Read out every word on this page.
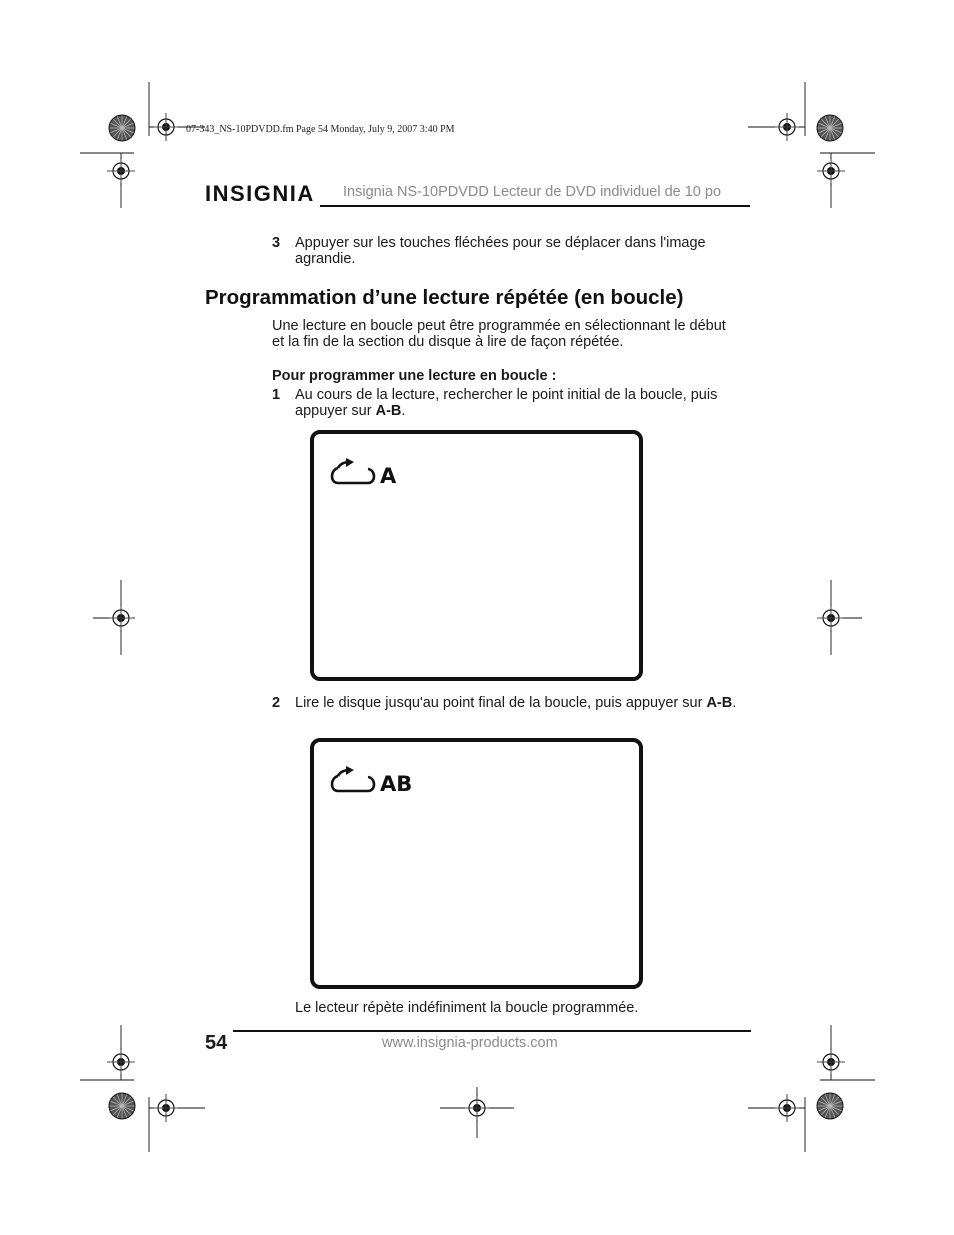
07-343_NS-10PDVDD.fm Page 54 Monday, July 9, 2007 3:40 PM
INSIGNIA Insignia NS-10PDVDD Lecteur de DVD individuel de 10 po
3 Appuyer sur les touches fléchées pour se déplacer dans l'image agrandie.
Programmation d’une lecture répétée (en boucle)
Une lecture en boucle peut être programmée en sélectionnant le début et la fin de la section du disque à lire de façon répétée.
Pour programmer une lecture en boucle :
1 Au cours de la lecture, rechercher le point initial de la boucle, puis appuyer sur A-B.
A
2 Lire le disque jusqu'au point final de la boucle, puis appuyer sur A-B.
AB
Le lecteur répète indéfiniment la boucle programmée.
54	www.insignia-products.com
